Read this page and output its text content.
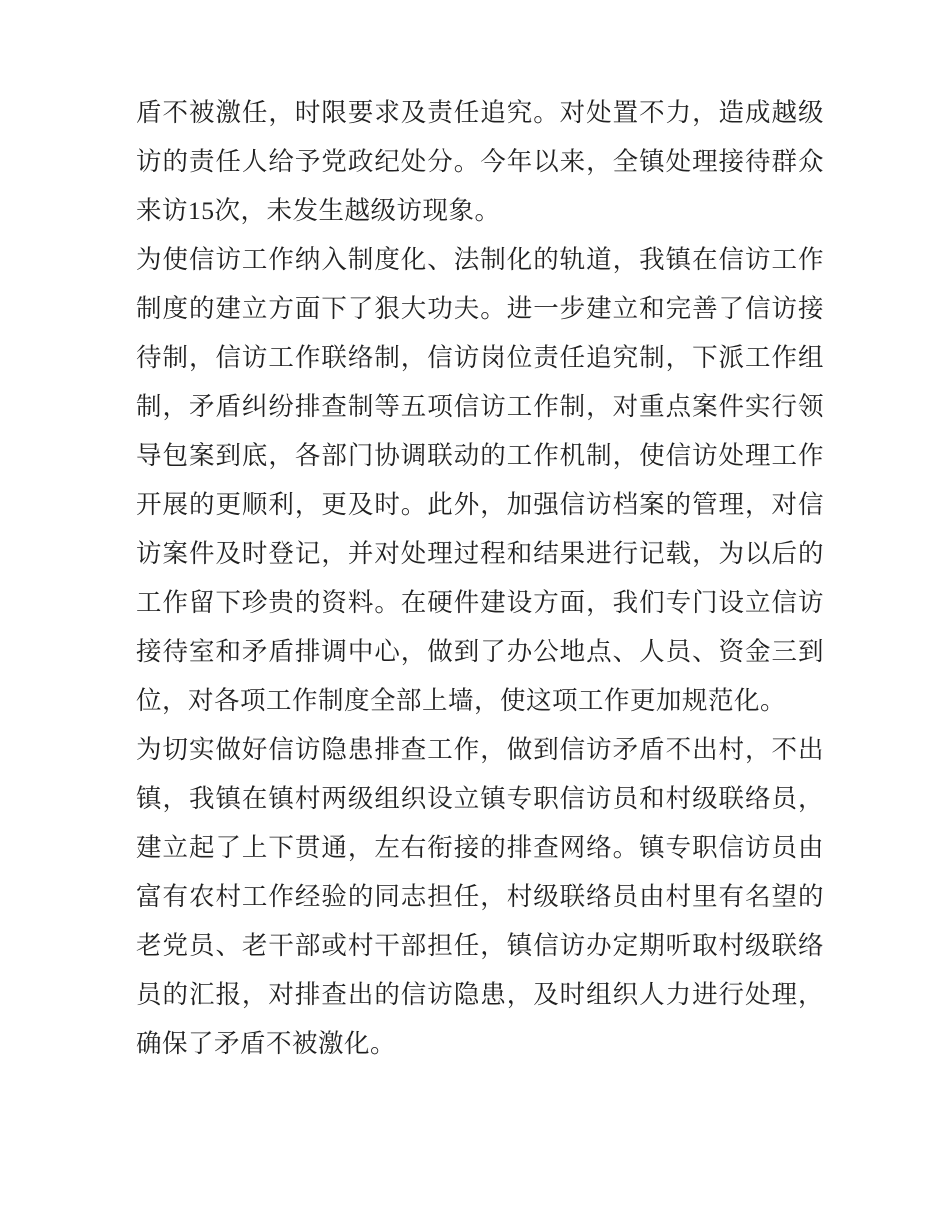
盾不被激任，时限要求及责任追究。对处置不力，造成越级访的责任人给予党政纪处分。今年以来，全镇处理接待群众来访15次，未发生越级访现象。

为使信访工作纳入制度化、法制化的轨道，我镇在信访工作制度的建立方面下了狠大功夫。进一步建立和完善了信访接待制，信访工作联络制，信访岗位责任追究制，下派工作组制，矛盾纠纷排查制等五项信访工作制，对重点案件实行领导包案到底，各部门协调联动的工作机制，使信访处理工作开展的更顺利，更及时。此外，加强信访档案的管理，对信访案件及时登记，并对处理过程和结果进行记载，为以后的工作留下珍贵的资料。在硬件建设方面，我们专门设立信访接待室和矛盾排调中心，做到了办公地点、人员、资金三到位，对各项工作制度全部上墙，使这项工作更加规范化。

为切实做好信访隐患排查工作，做到信访矛盾不出村，不出镇，我镇在镇村两级组织设立镇专职信访员和村级联络员，建立起了上下贯通，左右衔接的排查网络。镇专职信访员由富有农村工作经验的同志担任，村级联络员由村里有名望的老党员、老干部或村干部担任，镇信访办定期听取村级联络员的汇报，对排查出的信访隐患，及时组织人力进行处理，确保了矛盾不被激化。
